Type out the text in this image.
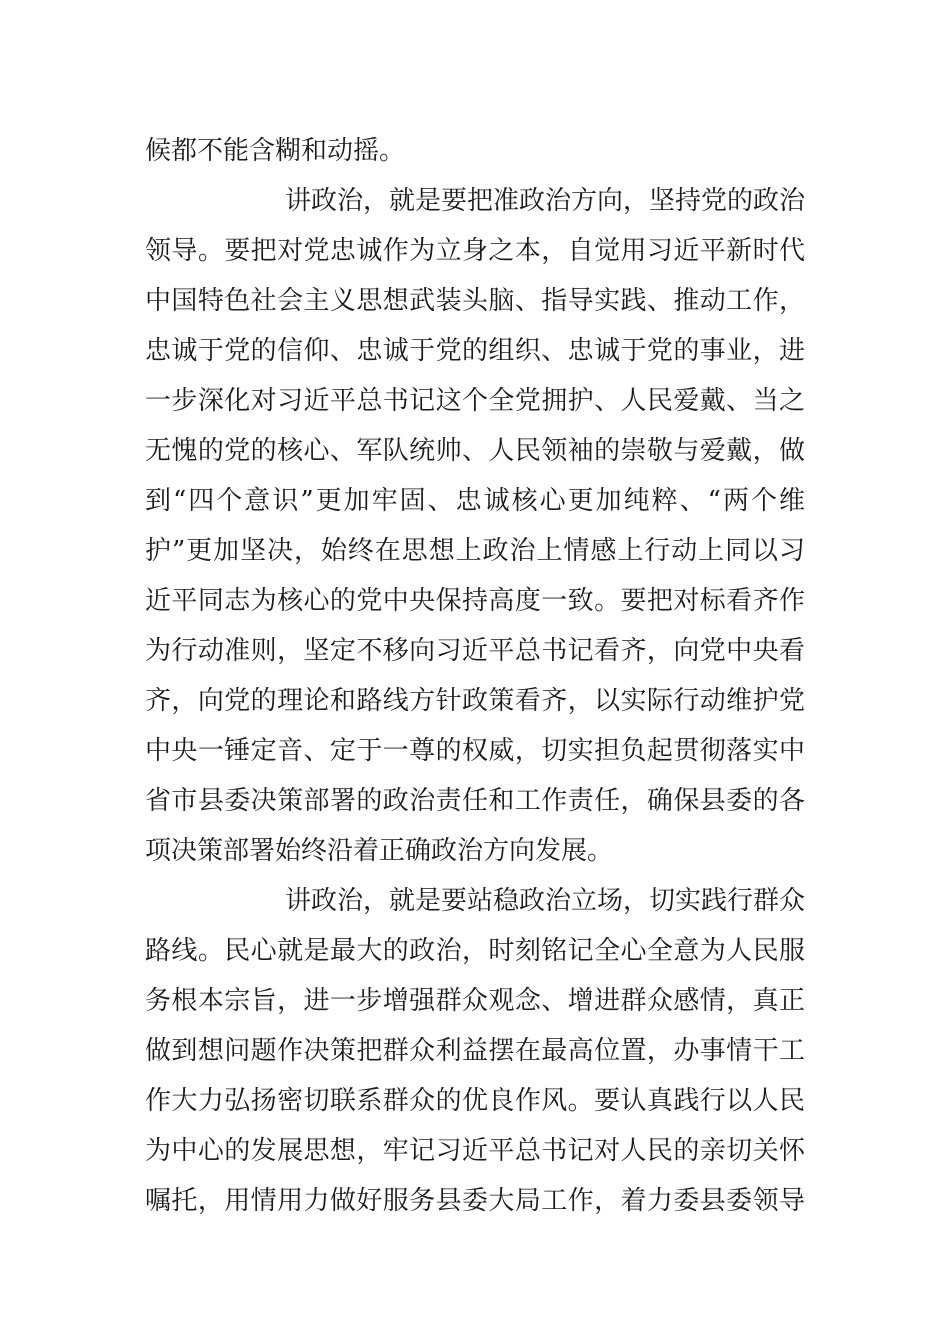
候都不能含糊和动摇。
讲政治，就是要把准政治方向，坚持党的政治
领导。要把对党忠诚作为立身之本，自觉用习近平新时代
中国特色社会主义思想武装头脑、指导实践、推动工作，
忠诚于党的信仰、忠诚于党的组织、忠诚于党的事业，进
一步深化对习近平总书记这个全党拥护、人民爱戴、当之
无愧的党的核心、军队统帅、人民领袖的崇敬与爱戴，做
到“四个意识”更加牢固、忠诚核心更加纯粹、“两个维
护”更加坚决，始终在思想上政治上情感上行动上同以习
近平同志为核心的党中央保持高度一致。要把对标看齐作
为行动准则，坚定不移向习近平总书记看齐，向党中央看
齐，向党的理论和路线方针政策看齐，以实际行动维护党
中央一锤定音、定于一尊的权威，切实担负起贯彻落实中
省市县委决策部署的政治责任和工作责任，确保县委的各
项决策部署始终沿着正确政治方向发展。
讲政治，就是要站稳政治立场，切实践行群众
路线。民心就是最大的政治，时刻铭记全心全意为人民服
务根本宗旨，进一步增强群众观念、增进群众感情，真正
做到想问题作决策把群众利益摆在最高位置，办事情干工
作大力弘扬密切联系群众的优良作风。要认真践行以人民
为中心的发展思想，牢记习近平总书记对人民的亲切关怀
嘱托，用情用力做好服务县委大局工作，着力委县委领导
